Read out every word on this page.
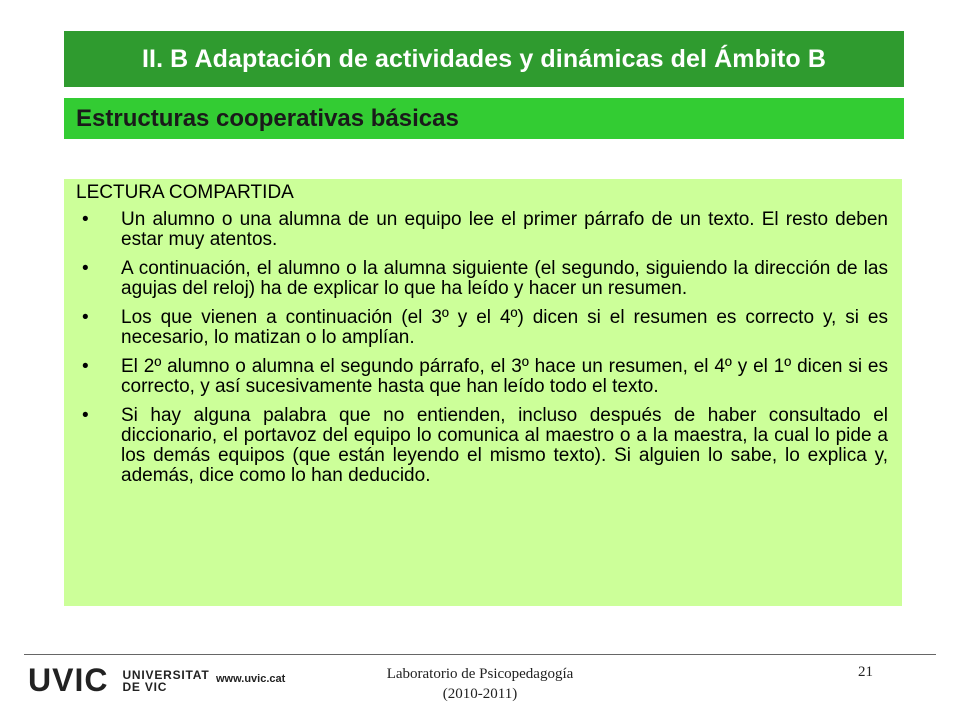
II. B Adaptación de actividades y dinámicas del Ámbito B
Estructuras cooperativas básicas
LECTURA COMPARTIDA
• Un alumno o una alumna de un equipo lee el primer párrafo de un texto. El resto deben estar muy atentos.
• A continuación, el alumno o la alumna siguiente (el segundo, siguiendo la dirección de las agujas del reloj) ha de explicar lo que ha leído y hacer un resumen.
• Los que vienen a continuación (el 3º y el 4º) dicen si el resumen es correcto y, si es necesario, lo matizan o lo amplían.
• El 2º alumno o alumna el segundo párrafo, el 3º hace un resumen, el 4º y el 1º dicen si es correcto, y así sucesivamente hasta que han leído todo el texto.
• Si hay alguna palabra que no entienden, incluso después de haber consultado el diccionario, el portavoz del equipo lo comunica al maestro o a la maestra, la cual lo pide a los demás equipos (que están leyendo el mismo texto). Si alguien lo sabe, lo explica y, además, dice como lo han deducido.
UVIC UNIVERSITAT
DE VIC
www.uvic.cat	Laboratorio de Psicopedagogía
(2010-2011)
21
